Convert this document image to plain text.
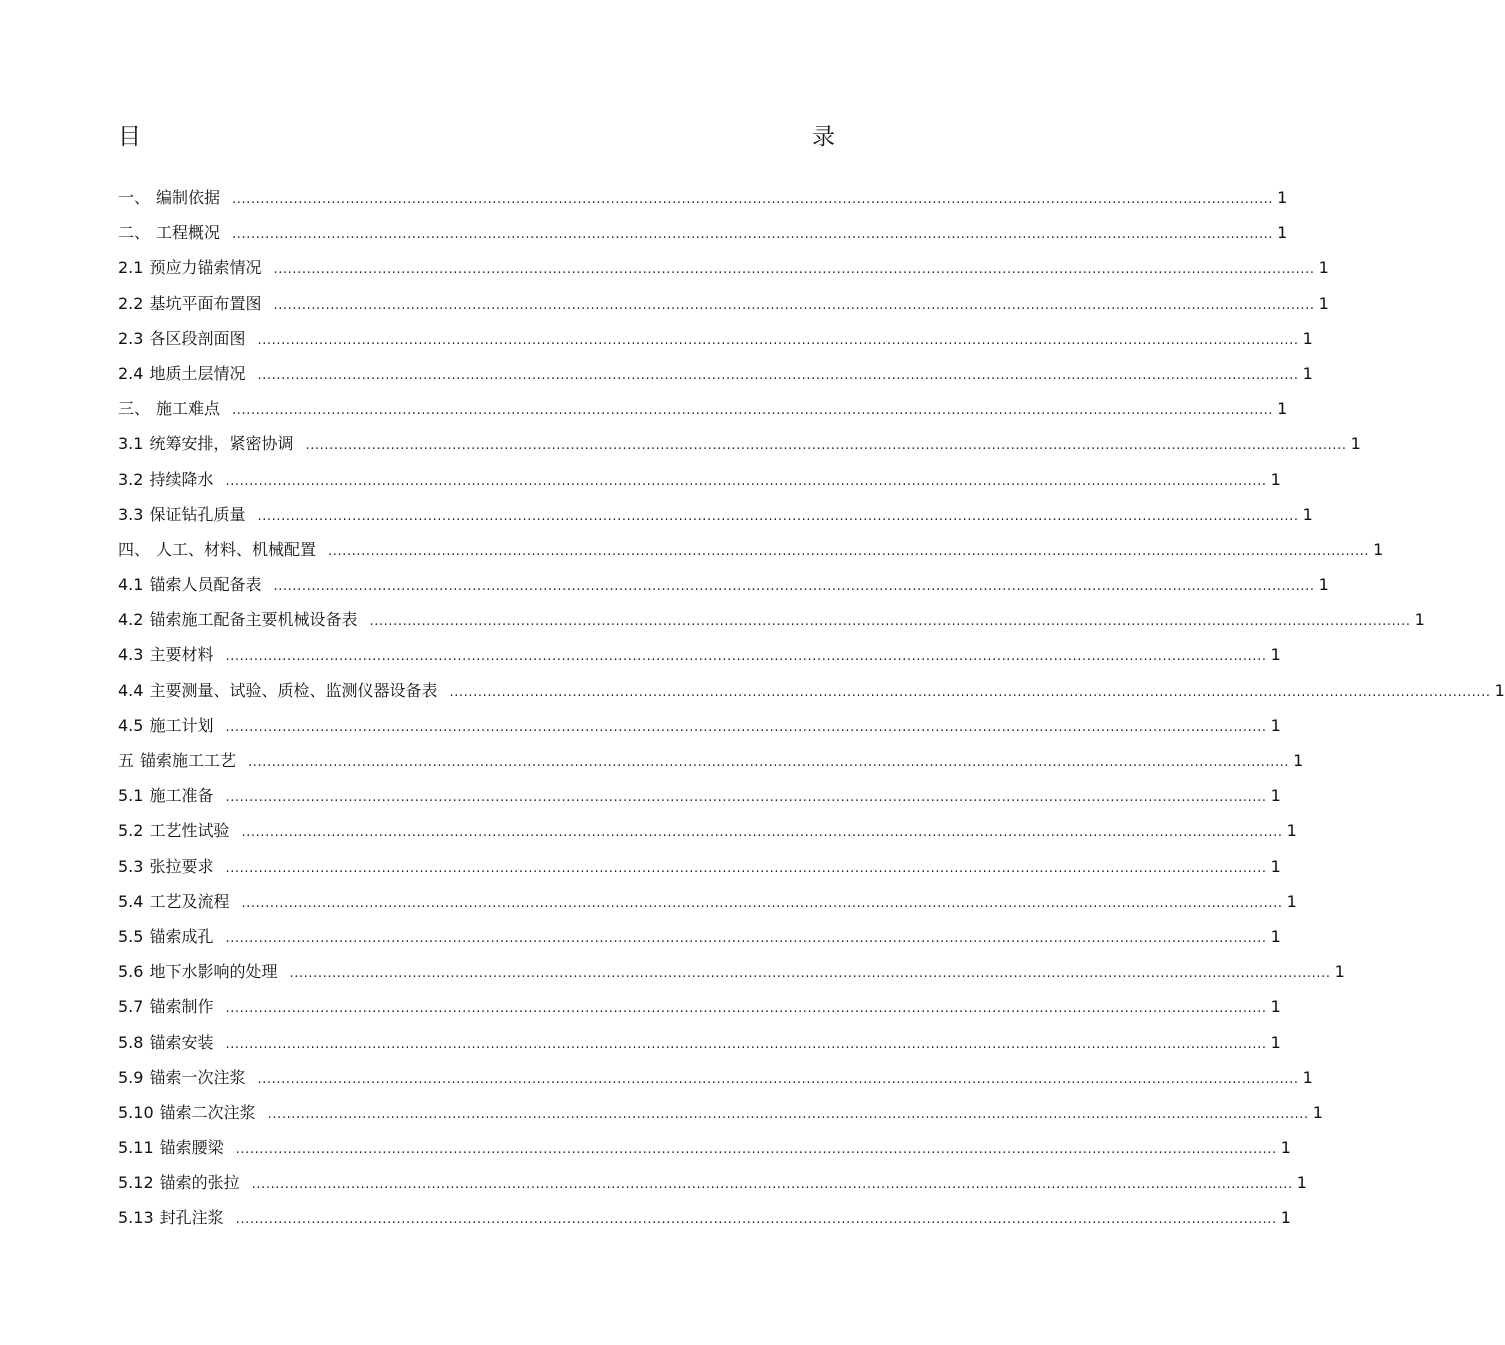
目	录
一、 编制依据 ............................................................................................................................................................................................................................ 1
二、 工程概况 ............................................................................................................................................................................................................................ 1
2.1 预应力锚索情况 ............................................................................................................................................................................................................................ 1
2.2 基坑平面布置图 ............................................................................................................................................................................................................................ 1
2.3 各区段剖面图 ............................................................................................................................................................................................................................ 1
2.4 地质土层情况 ............................................................................................................................................................................................................................ 1
三、 施工难点 ............................................................................................................................................................................................................................ 1
3.1 统筹安排，紧密协调 ............................................................................................................................................................................................................................ 1
3.2 持续降水 ............................................................................................................................................................................................................................ 1
3.3 保证钻孔质量 ............................................................................................................................................................................................................................ 1
四、 人工、材料、机械配置 ............................................................................................................................................................................................................................ 1
4.1 锚索人员配备表 ............................................................................................................................................................................................................................ 1
4.2 锚索施工配备主要机械设备表 ............................................................................................................................................................................................................................ 1
4.3 主要材料 ............................................................................................................................................................................................................................ 1
4.4 主要测量、试验、质检、监测仪器设备表 ............................................................................................................................................................................................................................ 1
4.5 施工计划 ............................................................................................................................................................................................................................ 1
五 锚索施工工艺 ............................................................................................................................................................................................................................ 1
5.1 施工准备 ............................................................................................................................................................................................................................ 1
5.2 工艺性试验 ............................................................................................................................................................................................................................ 1
5.3 张拉要求 ............................................................................................................................................................................................................................ 1
5.4 工艺及流程 ............................................................................................................................................................................................................................ 1
5.5 锚索成孔 ............................................................................................................................................................................................................................ 1
5.6 地下水影响的处理 ............................................................................................................................................................................................................................ 1
5.7 锚索制作 ............................................................................................................................................................................................................................ 1
5.8 锚索安装 ............................................................................................................................................................................................................................ 1
5.9 锚索一次注浆 ............................................................................................................................................................................................................................ 1
5.10 锚索二次注浆 ............................................................................................................................................................................................................................ 1
5.11 锚索腰梁 ............................................................................................................................................................................................................................ 1
5.12 锚索的张拉 ............................................................................................................................................................................................................................ 1
5.13 封孔注浆 ............................................................................................................................................................................................................................ 1
